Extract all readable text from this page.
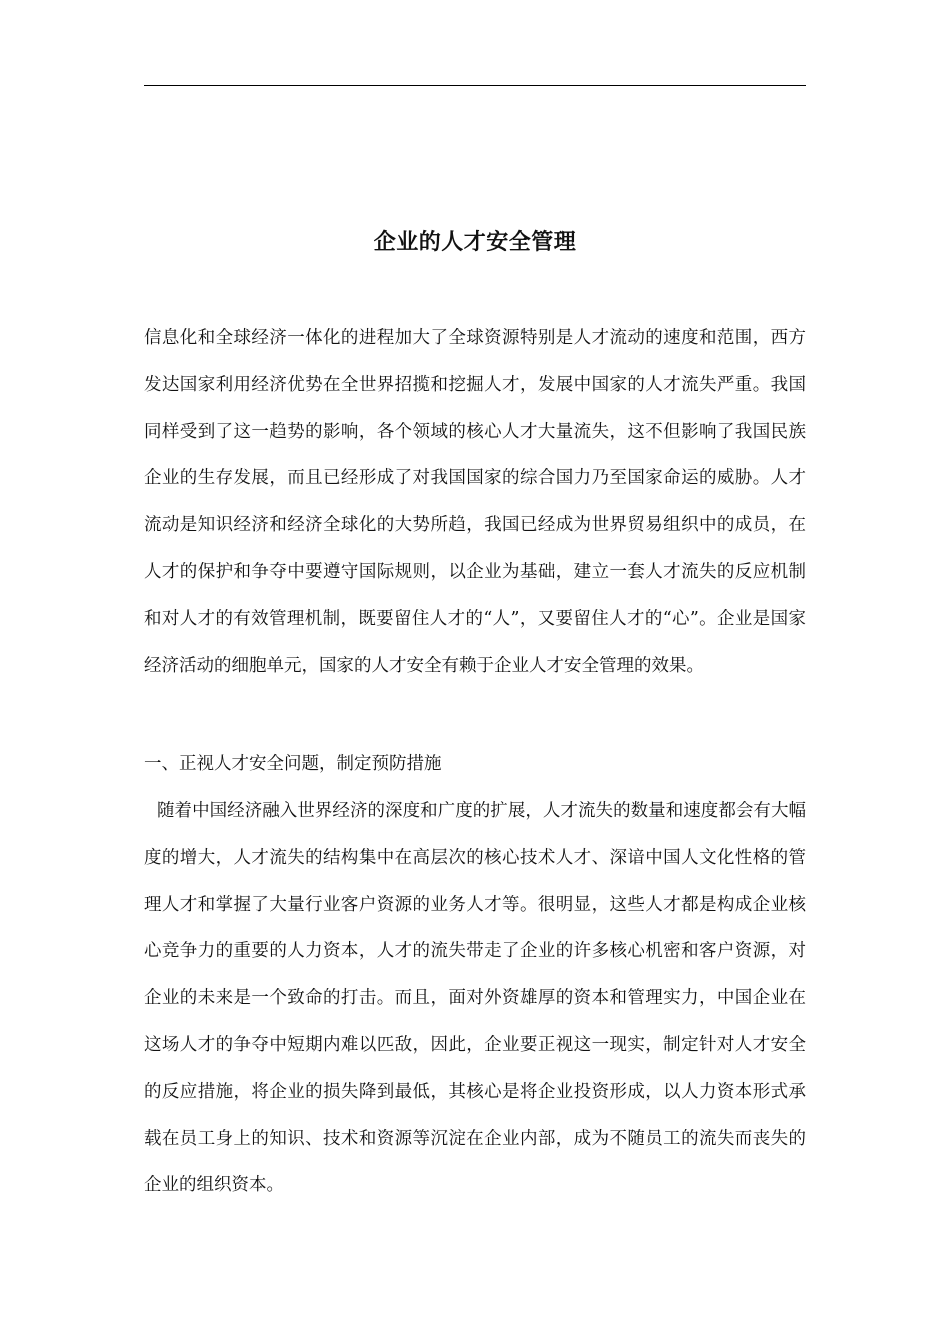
企业的人才安全管理

信息化和全球经济一体化的进程加大了全球资源特别是人才流动的速度和范围，西方发达国家利用经济优势在全世界招揽和挖掘人才，发展中国家的人才流失严重。我国同样受到了这一趋势的影响，各个领域的核心人才大量流失，这不但影响了我国民族企业的生存发展，而且已经形成了对我国国家的综合国力乃至国家命运的威胁。人才流动是知识经济和经济全球化的大势所趋，我国已经成为世界贸易组织中的成员，在人才的保护和争夺中要遵守国际规则，以企业为基础，建立一套人才流失的反应机制和对人才的有效管理机制，既要留住人才的“人”，又要留住人才的“心”。企业是国家经济活动的细胞单元，国家的人才安全有赖于企业人才安全管理的效果。

一、正视人才安全问题，制定预防措施

随着中国经济融入世界经济的深度和广度的扩展，人才流失的数量和速度都会有大幅度的增大，人才流失的结构集中在高层次的核心技术人才、深谙中国人文化性格的管理人才和掌握了大量行业客户资源的业务人才等。很明显，这些人才都是构成企业核心竞争力的重要的人力资本，人才的流失带走了企业的许多核心机密和客户资源，对企业的未来是一个致命的打击。而且，面对外资雄厚的资本和管理实力，中国企业在这场人才的争夺中短期内难以匹敌，因此，企业要正视这一现实，制定针对人才安全的反应措施，将企业的损失降到最低，其核心是将企业投资形成，以人力资本形式承载在员工身上的知识、技术和资源等沉淀在企业内部，成为不随员工的流失而丧失的企业的组织资本。
